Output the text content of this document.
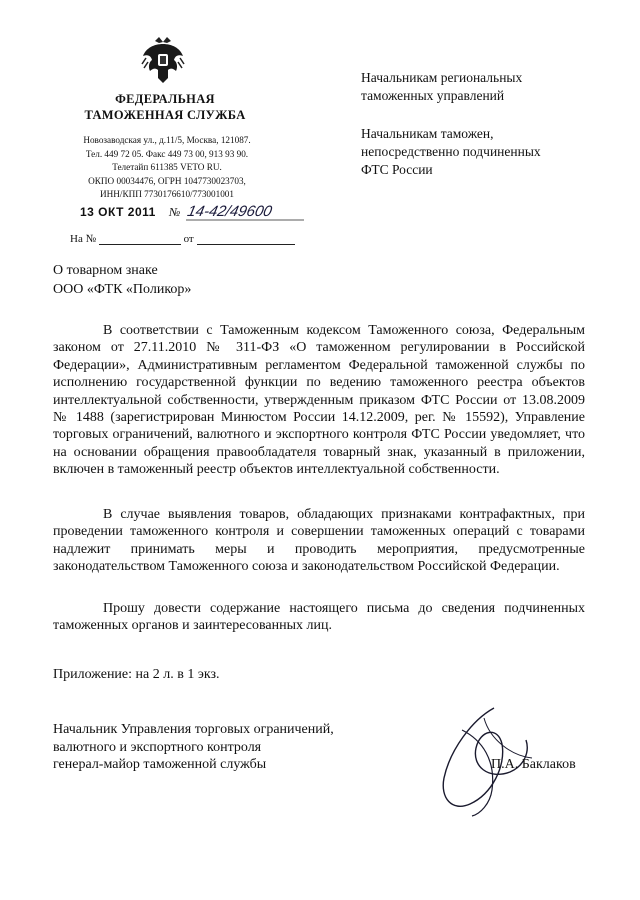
ФЕДЕРАЛЬНАЯ
ТАМОЖЕННАЯ СЛУЖБА
Новозаводская ул., д.11/5, Москва, 121087.
Тел. 449 72 05. Факс 449 73 00, 913 93 90.
Телетайп 611385 VETO RU.
ОКПО 00034476, ОГРН 1047730023703,
ИНН/КПП 7730176610/773001001
13 ОКТ 2011 № 14-42/49600
На №	от
Начальникам региональных
таможенных управлений
Начальникам таможен,
непосредственно подчиненных
ФТС России
О товарном знаке
ООО «ФТК «Поликор»

В соответствии с Таможенным кодексом Таможенного союза, Федеральным законом от 27.11.2010 № 311-ФЗ «О таможенном регулировании в Российской Федерации», Административным регламентом Федеральной таможенной службы по исполнению государственной функции по ведению таможенного реестра объектов интеллектуальной собственности, утвержденным приказом ФТС России от 13.08.2009 № 1488 (зарегистрирован Минюстом России 14.12.2009, рег. № 15592), Управление торговых ограничений, валютного и экспортного контроля ФТС России уведомляет, что на основании обращения правообладателя товарный знак, указанный в приложении, включен в таможенный реестр объектов интеллектуальной собственности.

В случае выявления товаров, обладающих признаками контрафактных, при проведении таможенного контроля и совершении таможенных операций с товарами надлежит принимать меры и проводить мероприятия, предусмотренные законодательством Таможенного союза и законодательством Российской Федерации.

Прошу довести содержание настоящего письма до сведения подчиненных таможенных органов и заинтересованных лиц.

Приложение: на 2 л. в 1 экз.
Начальник Управления торговых ограничений,
валютного и экспортного контроля
генерал-майор таможенной службы	П.А. Баклаков
